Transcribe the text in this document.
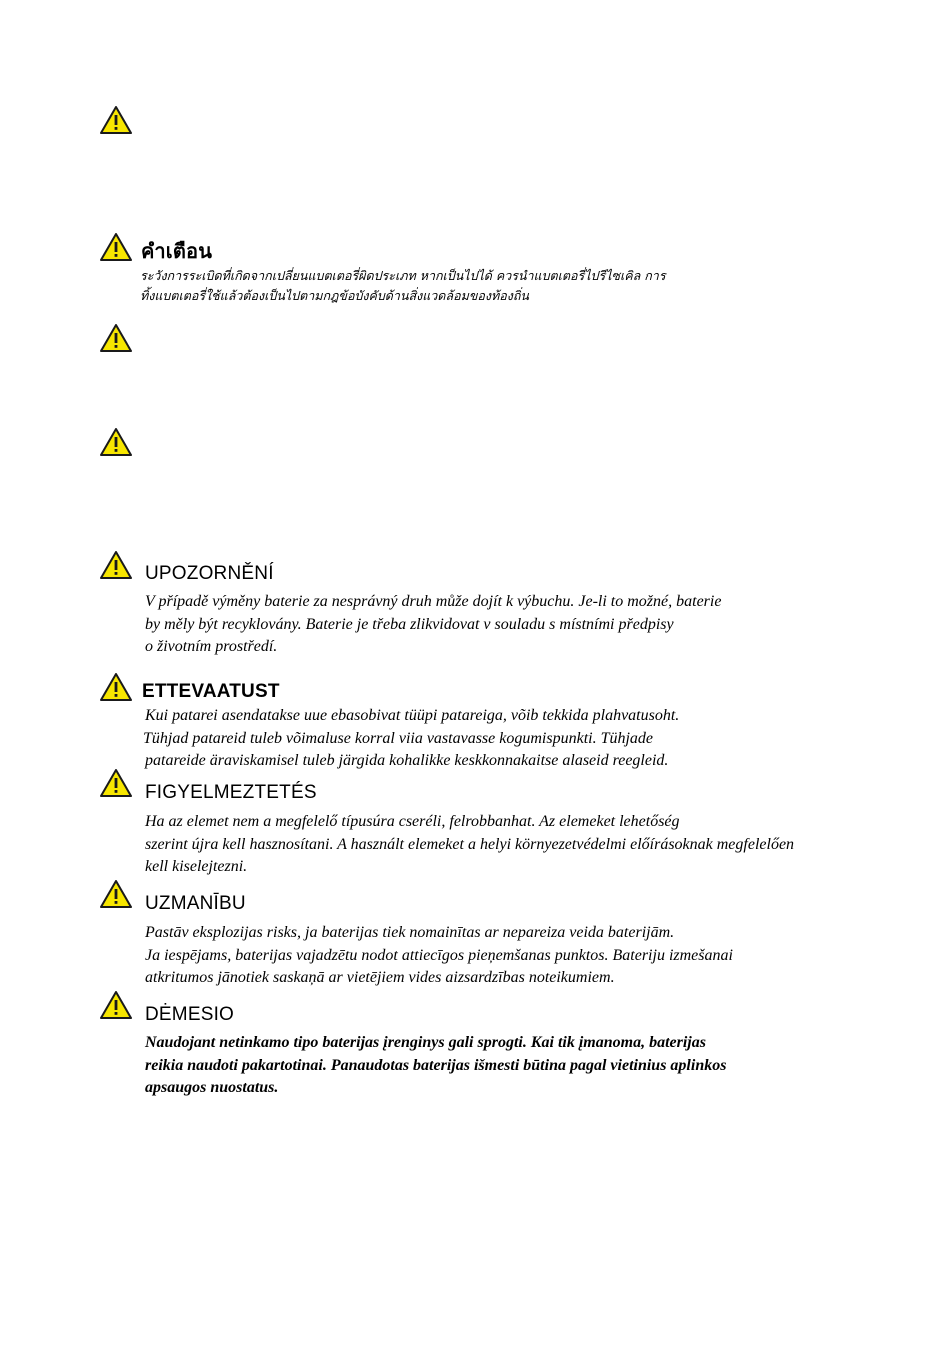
คำเตือน
ระวังการระเบิดที่เกิดจากเปลี่ยนแบตเตอรี่ผิดประเภท หากเป็นไปได้ ควรนำแบตเตอรี่ไปรีไซเคิล การ
ทิ้งแบตเตอรี่ใช้แล้วต้องเป็นไปตามกฎข้อบังคับด้านสิ่งแวดล้อมของท้องถิ่น
UPOZORNĚNÍ
V případě výměny baterie za nesprávný druh může dojít k výbuchu. Je-li to možné, baterie
by měly být recyklovány. Baterie je třeba zlikvidovat v souladu s místními předpisy
o životním prostředí.
ETTEVAATUST
Kui patarei asendatakse uue ebasobivat tüüpi patareiga, võib tekkida plahvatusoht.
Tühjad patareid tuleb võimaluse korral viia vastavasse kogumispunkti. Tühjade
patareide äraviskamisel tuleb järgida kohalikke keskkonnakaitse alaseid reegleid.
FIGYELMEZTETÉS
Ha az elemet nem a megfelelő típusúra cseréli, felrobbanhat. Az elemeket lehetőség
szerint újra kell hasznosítani. A használt elemeket a helyi környezetvédelmi előírásoknak megfelelően
kell kiselejtezni.
UZMANĪBU
Pastāv eksplozijas risks, ja baterijas tiek nomainītas ar nepareiza veida baterijām.
Ja iespējams, baterijas vajadzētu nodot attiecīgos pieņemšanas punktos. Bateriju izmešanai
atkritumos jānotiek saskaņā ar vietējiem vides aizsardzības noteikumiem.
DĖMESIO
Naudojant netinkamo tipo baterijas įrenginys gali sprogti. Kai tik įmanoma, baterijas
reikia naudoti pakartotinai. Panaudotas baterijas išmesti būtina pagal vietinius aplinkos
apsaugos nuostatus.
